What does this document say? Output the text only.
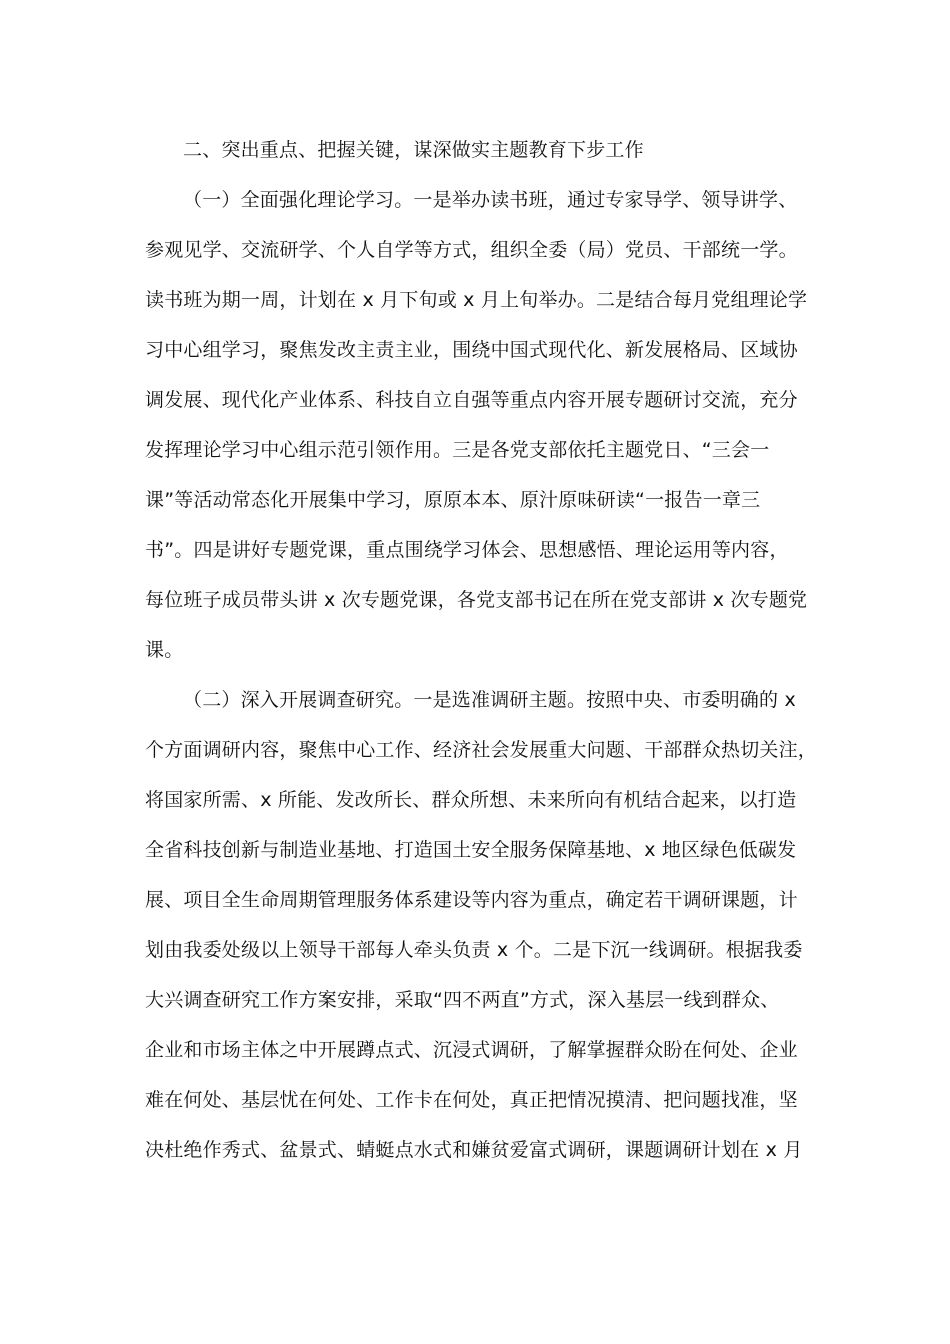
二、突出重点、把握关键，谋深做实主题教育下步工作
（一）全面强化理论学习。一是举办读书班，通过专家导学、领导讲学、
参观见学、交流研学、个人自学等方式，组织全委（局）党员、干部统一学。
读书班为期一周，计划在 x 月下旬或 x 月上旬举办。二是结合每月党组理论学
习中心组学习，聚焦发改主责主业，围绕中国式现代化、新发展格局、区域协
调发展、现代化产业体系、科技自立自强等重点内容开展专题研讨交流，充分
发挥理论学习中心组示范引领作用。三是各党支部依托主题党日、“三会一
课”等活动常态化开展集中学习，原原本本、原汁原味研读“一报告一章三
书”。四是讲好专题党课，重点围绕学习体会、思想感悟、理论运用等内容，
每位班子成员带头讲 x 次专题党课，各党支部书记在所在党支部讲 x 次专题党
课。
（二）深入开展调查研究。一是选准调研主题。按照中央、市委明确的 x
个方面调研内容，聚焦中心工作、经济社会发展重大问题、干部群众热切关注，
将国家所需、x 所能、发改所长、群众所想、未来所向有机结合起来，以打造
全省科技创新与制造业基地、打造国土安全服务保障基地、x 地区绿色低碳发
展、项目全生命周期管理服务体系建设等内容为重点，确定若干调研课题，计
划由我委处级以上领导干部每人牵头负责 x 个。二是下沉一线调研。根据我委
大兴调查研究工作方案安排，采取“四不两直”方式，深入基层一线到群众、
企业和市场主体之中开展蹲点式、沉浸式调研，了解掌握群众盼在何处、企业
难在何处、基层忧在何处、工作卡在何处，真正把情况摸清、把问题找准，坚
决杜绝作秀式、盆景式、蜻蜓点水式和嫌贫爱富式调研，课题调研计划在 x 月
